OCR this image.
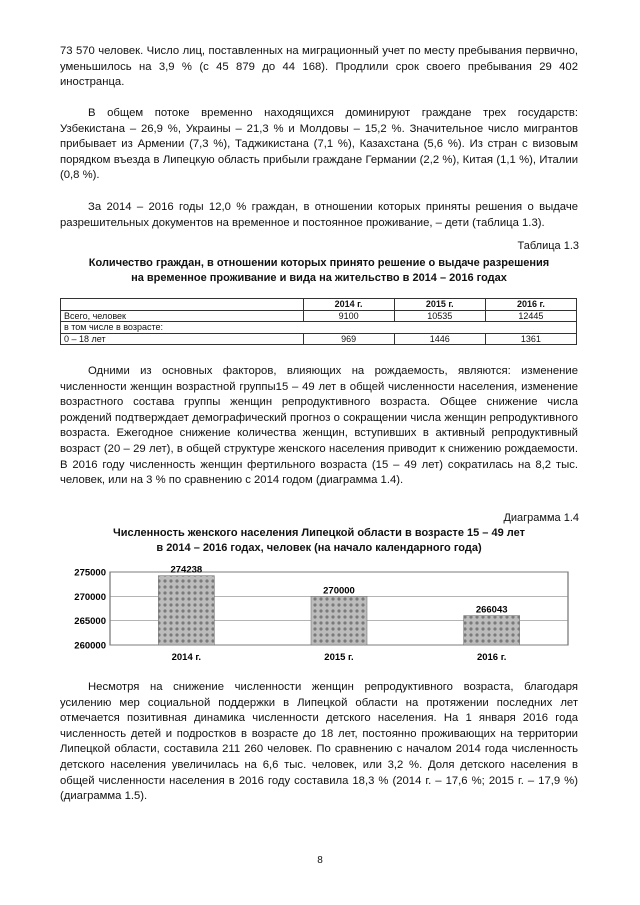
73 570 человек. Число лиц, поставленных на миграционный учет по месту пребывания первично, уменьшилось на 3,9 % (с 45 879 до 44 168). Продлили срок своего пребывания 29 402 иностранца.

В общем потоке временно находящихся доминируют граждане трех государств: Узбекистана – 26,9 %, Украины – 21,3 % и Молдовы – 15,2 %. Значительное число мигрантов прибывает из Армении (7,3 %), Таджикистана (7,1 %), Казахстана (5,6 %). Из стран с визовым порядком въезда в Липецкую область прибыли граждане Германии (2,2 %), Китая (1,1 %), Италии (0,8 %).

За 2014 – 2016 годы 12,0 % граждан, в отношении которых приняты решения о выдаче разрешительных документов на временное и постоянное проживание, – дети (таблица 1.3).

Таблица 1.3
Количество граждан, в отношении которых принято решение о выдаче разрешения
на временное проживание и вида на жительство в 2014 – 2016 годах
	2014 г.	2015 г.	2016 г.
Всего, человек	9100	10535	12445
в том числе в возрасте:			
0 – 18 лет	969	1446	1361

Одними из основных факторов, влияющих на рождаемость, являются: изменение численности женщин возрастной группы15 – 49 лет в общей численности населения, изменение возрастного состава группы женщин репродуктивного возраста. Общее снижение числа рождений подтверждает демографический прогноз о сокращении числа женщин репродуктивного возраста. Ежегодное снижение количества женщин, вступивших в активный репродуктивный возраст (20 – 29 лет), в общей структуре женского населения приводит к снижению рождаемости. В 2016 году численность женщин фертильного возраста (15 – 49 лет) сократилась на 8,2 тыс. человек, или на 3 % по сравнению с 2014 годом (диаграмма 1.4).

Диаграмма 1.4
Численность женского населения Липецкой области в возрасте 15 – 49 лет
в 2014 – 2016 годах, человек (на начало календарного года)
275000
270000
265000
260000
274238
2014 г.
270000
2015 г.
266043
2016 г.

Несмотря на снижение численности женщин репродуктивного возраста, благодаря усилению мер социальной поддержки в Липецкой области на протяжении последних лет отмечается позитивная динамика численности детского населения. На 1 января 2016 года численность детей и подростков в возрасте до 18 лет, постоянно проживающих на территории Липецкой области, составила 211 260 человек. По сравнению с началом 2014 года численность детского населения увеличилась на 6,6 тыс. человек, или 3,2 %. Доля детского населения в общей численности населения в 2016 году составила 18,3 % (2014 г. – 17,6 %; 2015 г. – 17,9 %) (диаграмма 1.5).

8
